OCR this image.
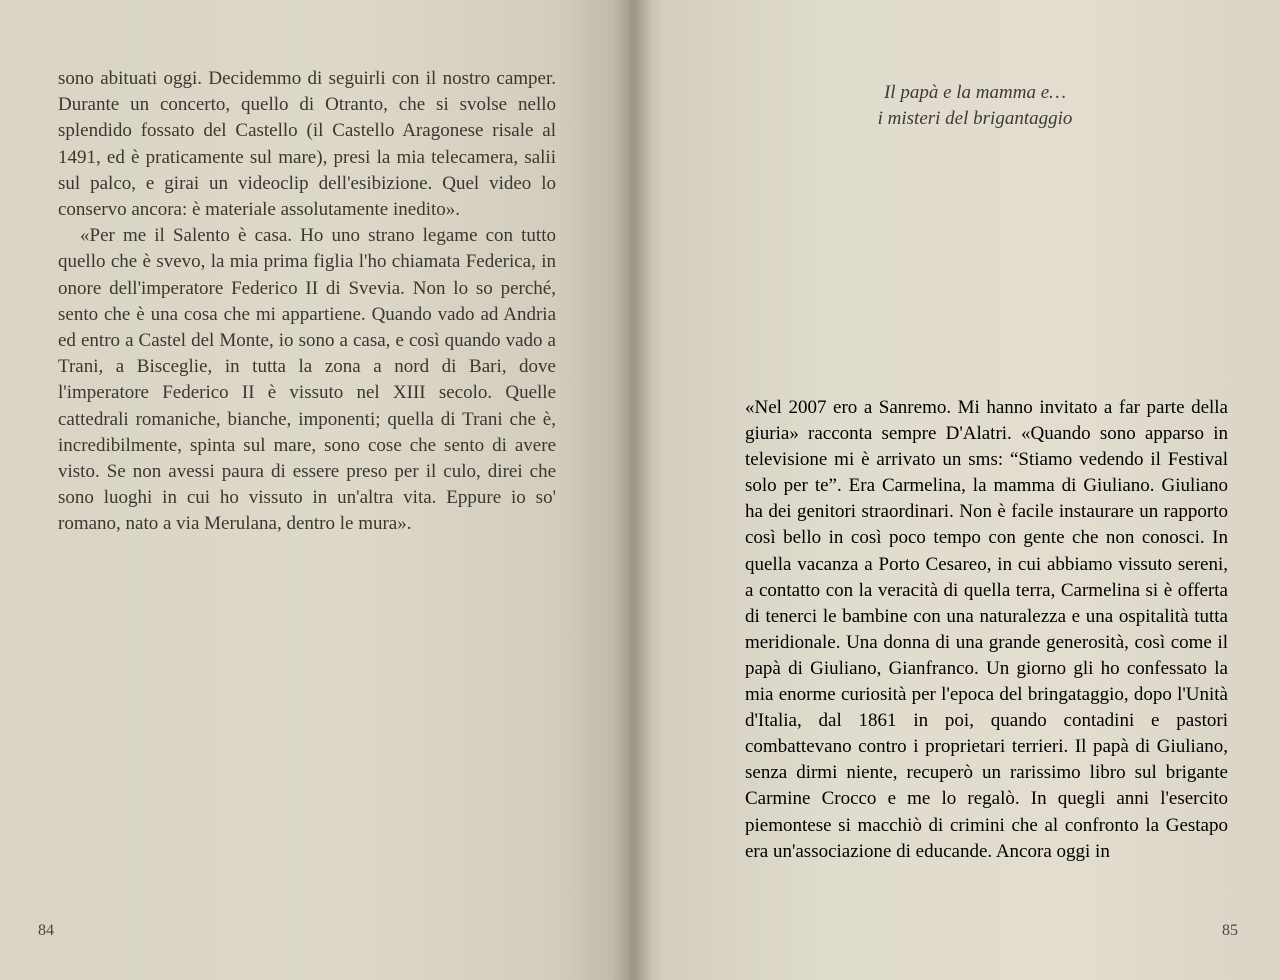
sono abituati oggi. Decidemmo di seguirli con il nostro camper. Durante un concerto, quello di Otranto, che si svolse nello splendido fossato del Castello (il Castello Aragonese risale al 1491, ed è praticamente sul mare), presi la mia telecamera, salii sul palco, e girai un videoclip dell'esibizione. Quel video lo conservo ancora: è materiale assolutamente inedito».

«Per me il Salento è casa. Ho uno strano legame con tutto quello che è svevo, la mia prima figlia l'ho chiamata Federica, in onore dell'imperatore Federico II di Svevia. Non lo so perché, sento che è una cosa che mi appartiene. Quando vado ad Andria ed entro a Castel del Monte, io sono a casa, e così quando vado a Trani, a Bisceglie, in tutta la zona a nord di Bari, dove l'imperatore Federico II è vissuto nel XIII secolo. Quelle cattedrali romaniche, bianche, imponenti; quella di Trani che è, incredibilmente, spinta sul mare, sono cose che sento di avere visto. Se non avessi paura di essere preso per il culo, direi che sono luoghi in cui ho vissuto in un'altra vita. Eppure io so' romano, nato a via Merulana, dentro le mura».

84
Il papà e la mamma e…
i misteri del brigantaggio

«Nel 2007 ero a Sanremo. Mi hanno invitato a far parte della giuria» racconta sempre D'Alatri. «Quando sono apparso in televisione mi è arrivato un sms: “Stiamo vedendo il Festival solo per te”. Era Carmelina, la mamma di Giuliano. Giuliano ha dei genitori straordinari. Non è facile instaurare un rapporto così bello in così poco tempo con gente che non conosci. In quella vacanza a Porto Cesareo, in cui abbiamo vissuto sereni, a contatto con la veracità di quella terra, Carmelina si è offerta di tenerci le bambine con una naturalezza e una ospitalità tutta meridionale. Una donna di una grande generosità, così come il papà di Giuliano, Gianfranco. Un giorno gli ho confessato la mia enorme curiosità per l'epoca del bringataggio, dopo l'Unità d'Italia, dal 1861 in poi, quando contadini e pastori combattevano contro i proprietari terrieri. Il papà di Giuliano, senza dirmi niente, recuperò un rarissimo libro sul brigante Carmine Crocco e me lo regalò. In quegli anni l'esercito piemontese si macchiò di crimini che al confronto la Gestapo era un'associazione di educande. Ancora oggi in

85
